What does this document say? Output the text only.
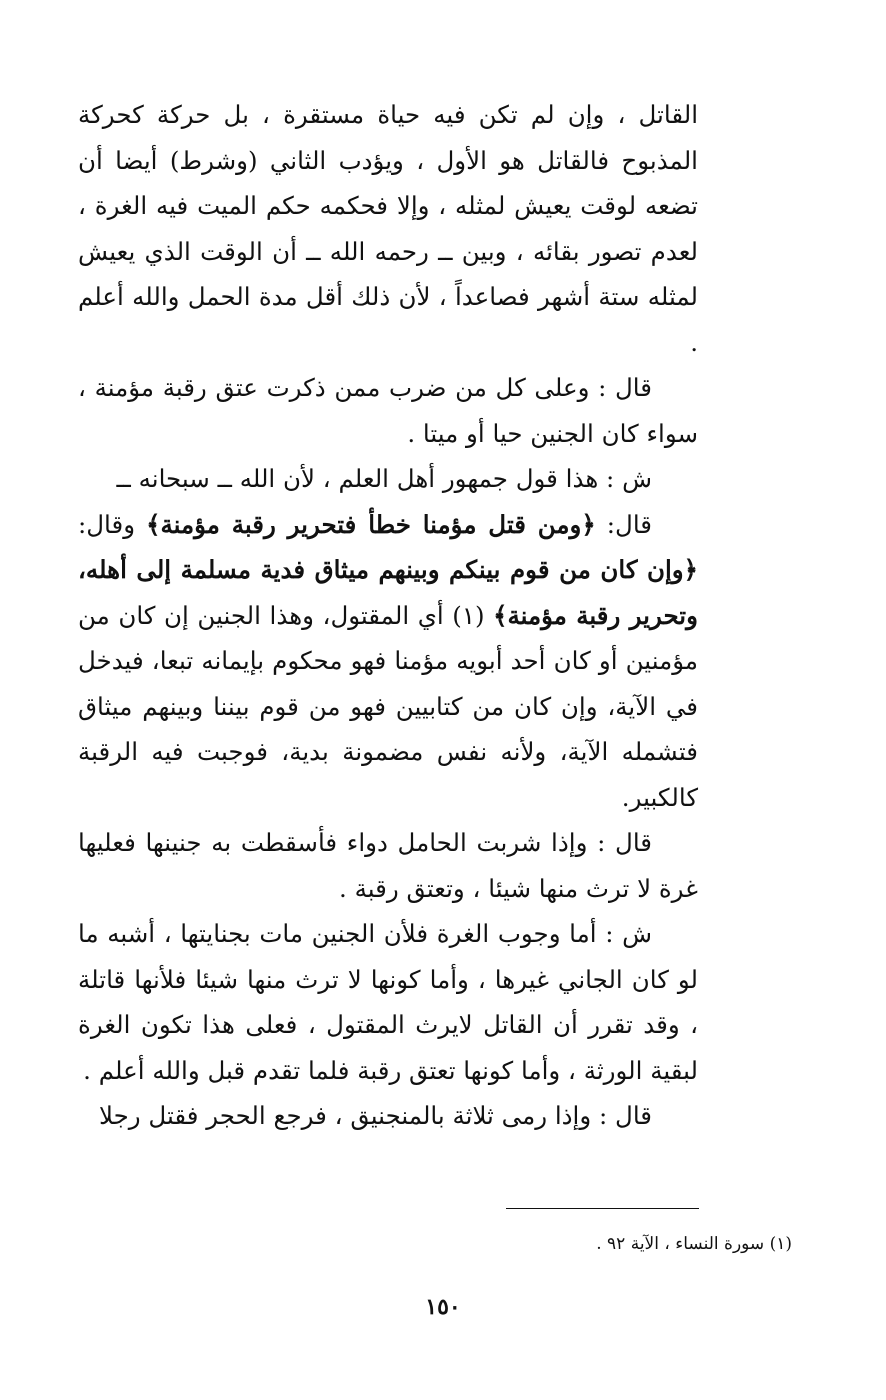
القاتل ، وإن لم تكن فيه حياة مستقرة ، بل حركة كحركة المذبوح فالقاتل هو الأول ، ويؤدب الثاني (وشرط) أيضا أن تضعه لوقت يعيش لمثله ، وإلا فحكمه حكم الميت فيه الغرة ، لعدم تصور بقائه ، وبين ــ رحمه الله ــ أن الوقت الذي يعيش لمثله ستة أشهر فصاعداً ، لأن ذلك أقل مدة الحمل والله أعلم .

قال : وعلى كل من ضرب ممن ذكرت عتق رقبة مؤمنة ، سواء كان الجنين حيا أو ميتا .

ش : هذا قول جمهور أهل العلم ، لأن الله ــ سبحانه ــ

قال: ﴿ومن قتل مؤمنا خطأ فتحرير رقبة مؤمنة﴾ وقال: ﴿وإن كان من قوم بينكم وبينهم ميثاق فدية مسلمة إلى أهله، وتحرير رقبة مؤمنة﴾ (١) أي المقتول، وهذا الجنين إن كان من مؤمنين أو كان أحد أبويه مؤمنا فهو محكوم بإيمانه تبعا، فيدخل في الآية، وإن كان من كتابيين فهو من قوم بيننا وبينهم ميثاق فتشمله الآية، ولأنه نفس مضمونة بدية، فوجبت فيه الرقبة كالكبير.

قال : وإذا شربت الحامل دواء فأسقطت به جنينها فعليها غرة لا ترث منها شيئا ، وتعتق رقبة .

ش : أما وجوب الغرة فلأن الجنين مات بجنايتها ، أشبه ما لو كان الجاني غيرها ، وأما كونها لا ترث منها شيئا فلأنها قاتلة ، وقد تقرر أن القاتل لايرث المقتول ، فعلى هذا تكون الغرة لبقية الورثة ، وأما كونها تعتق رقبة فلما تقدم قبل والله أعلم .

قال : وإذا رمى ثلاثة بالمنجنيق ، فرجع الحجر فقتل رجلا

(١) سورة النساء ، الآية ٩٢ .
١٥٠
